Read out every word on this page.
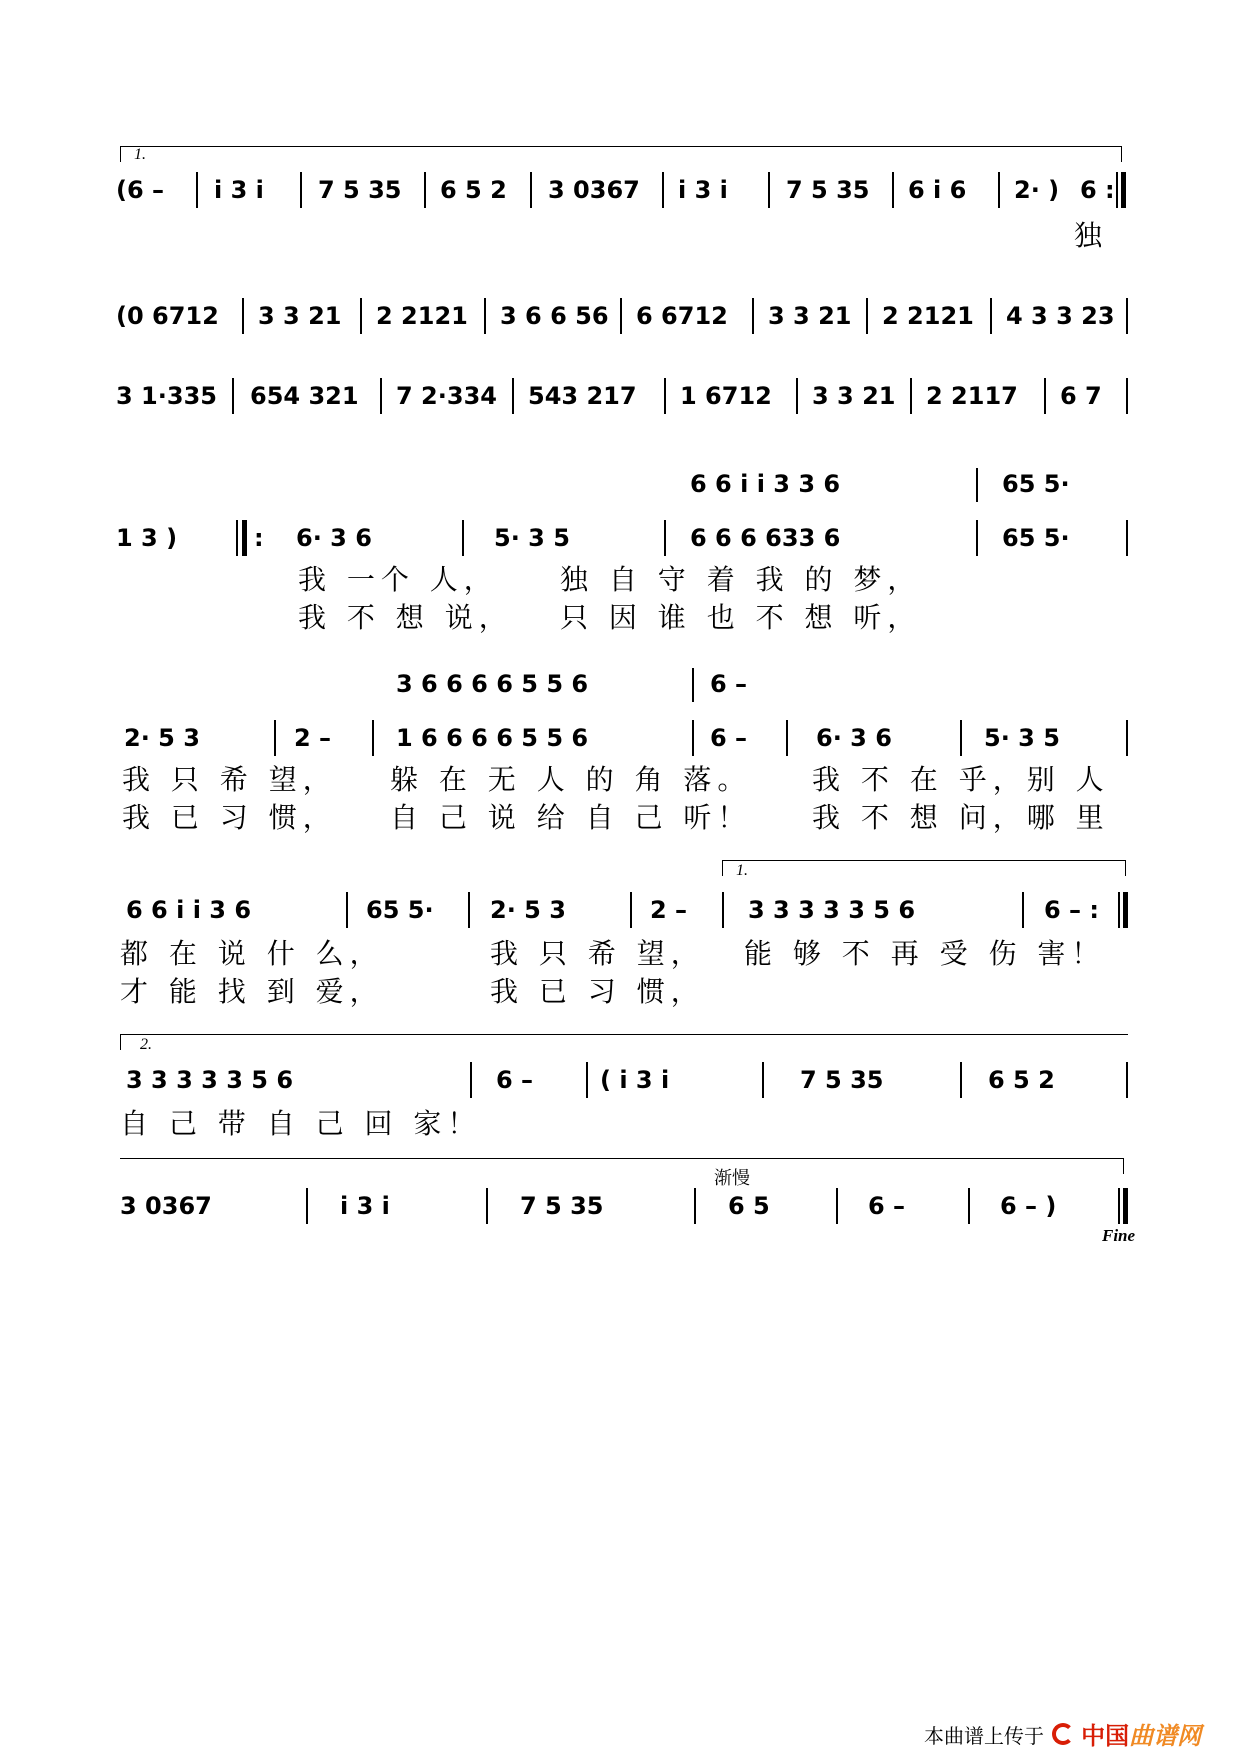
1.
(6 – i 3 i 7 5 35 6 5 2 3 0367 i 3 i 7 5 35 6 i 6 2· ) 6 :
独
(0 6712 3 3 21 2 2121 3 6 6 56 6 6712 3 3 21 2 2121 4 3 3 23
3 1·335 654 321 7 2·334 543 217 1 6712 3 3 21 2 2117 6 7
6 6 i i 3 3 6	65 5·
1 3 )	: 6· 3 6	5· 3 5	6 6 6 633 6	65 5·
我 一个 人， 独 自 守 着 我 的 梦，
我 不 想 说， 只 因 谁 也 不 想 听，
3 6 6 6 6 5 5 6	6 –
2· 5 3	2 –	1 6 6 6 6 5 5 6	6 –	6· 3 6	5· 3 5
我 只 希 望， 躲 在 无 人 的 角 落。 我 不 在 乎，别 人
我 已 习 惯， 自 己 说 给 自 己 听！ 我 不 想 问，哪 里
1.
6 6 i i 3 6	65 5· 2· 5 3	2 –	3 3 3 3 3 5 6	6 – :
都 在 说 什 么，	我 只 希 望， 能 够 不 再 受 伤 害！
才 能 找 到 爱，	我 已 习 惯，
2.
3 3 3 3 3 5 6	6 –	( i 3 i	7 5 35	6 5 2
自 己 带 自 己 回 家！
渐慢
3 0367	i 3 i	7 5 35	6 5	6 –	6 – )
Fine
本曲谱上传于	中国曲谱网
